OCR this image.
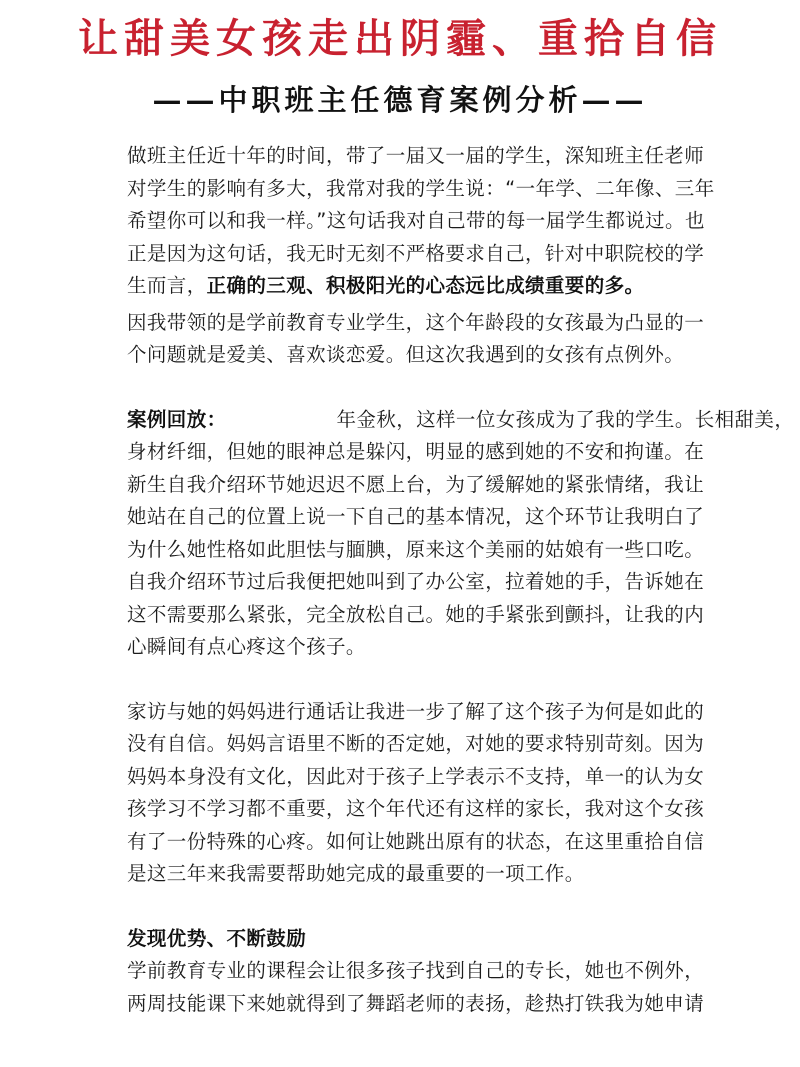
让甜美女孩走出阴霾、重拾自信
——中职班主任德育案例分析——
做班主任近十年的时间，带了一届又一届的学生，深知班主任老师
对学生的影响有多大，我常对我的学生说：“一年学、二年像、三年
希望你可以和我一样。”这句话我对自己带的每一届学生都说过。也
正是因为这句话，我无时无刻不严格要求自己，针对中职院校的学
生而言，正确的三观、积极阳光的心态远比成绩重要的多。
因我带领的是学前教育专业学生，这个年龄段的女孩最为凸显的一
个问题就是爱美、喜欢谈恋爱。但这次我遇到的女孩有点例外。
案例回放：	年金秋，这样一位女孩成为了我的学生。长相甜美，
身材纤细，但她的眼神总是躲闪，明显的感到她的不安和拘谨。在
新生自我介绍环节她迟迟不愿上台，为了缓解她的紧张情绪，我让
她站在自己的位置上说一下自己的基本情况，这个环节让我明白了
为什么她性格如此胆怯与腼腆，原来这个美丽的姑娘有一些口吃。
自我介绍环节过后我便把她叫到了办公室，拉着她的手，告诉她在
这不需要那么紧张，完全放松自己。她的手紧张到颤抖，让我的内
心瞬间有点心疼这个孩子。
家访与她的妈妈进行通话让我进一步了解了这个孩子为何是如此的
没有自信。妈妈言语里不断的否定她，对她的要求特别苛刻。因为
妈妈本身没有文化，因此对于孩子上学表示不支持，单一的认为女
孩学习不学习都不重要，这个年代还有这样的家长，我对这个女孩
有了一份特殊的心疼。如何让她跳出原有的状态，在这里重拾自信
是这三年来我需要帮助她完成的最重要的一项工作。
发现优势、不断鼓励
学前教育专业的课程会让很多孩子找到自己的专长，她也不例外，
两周技能课下来她就得到了舞蹈老师的表扬，趁热打铁我为她申请
